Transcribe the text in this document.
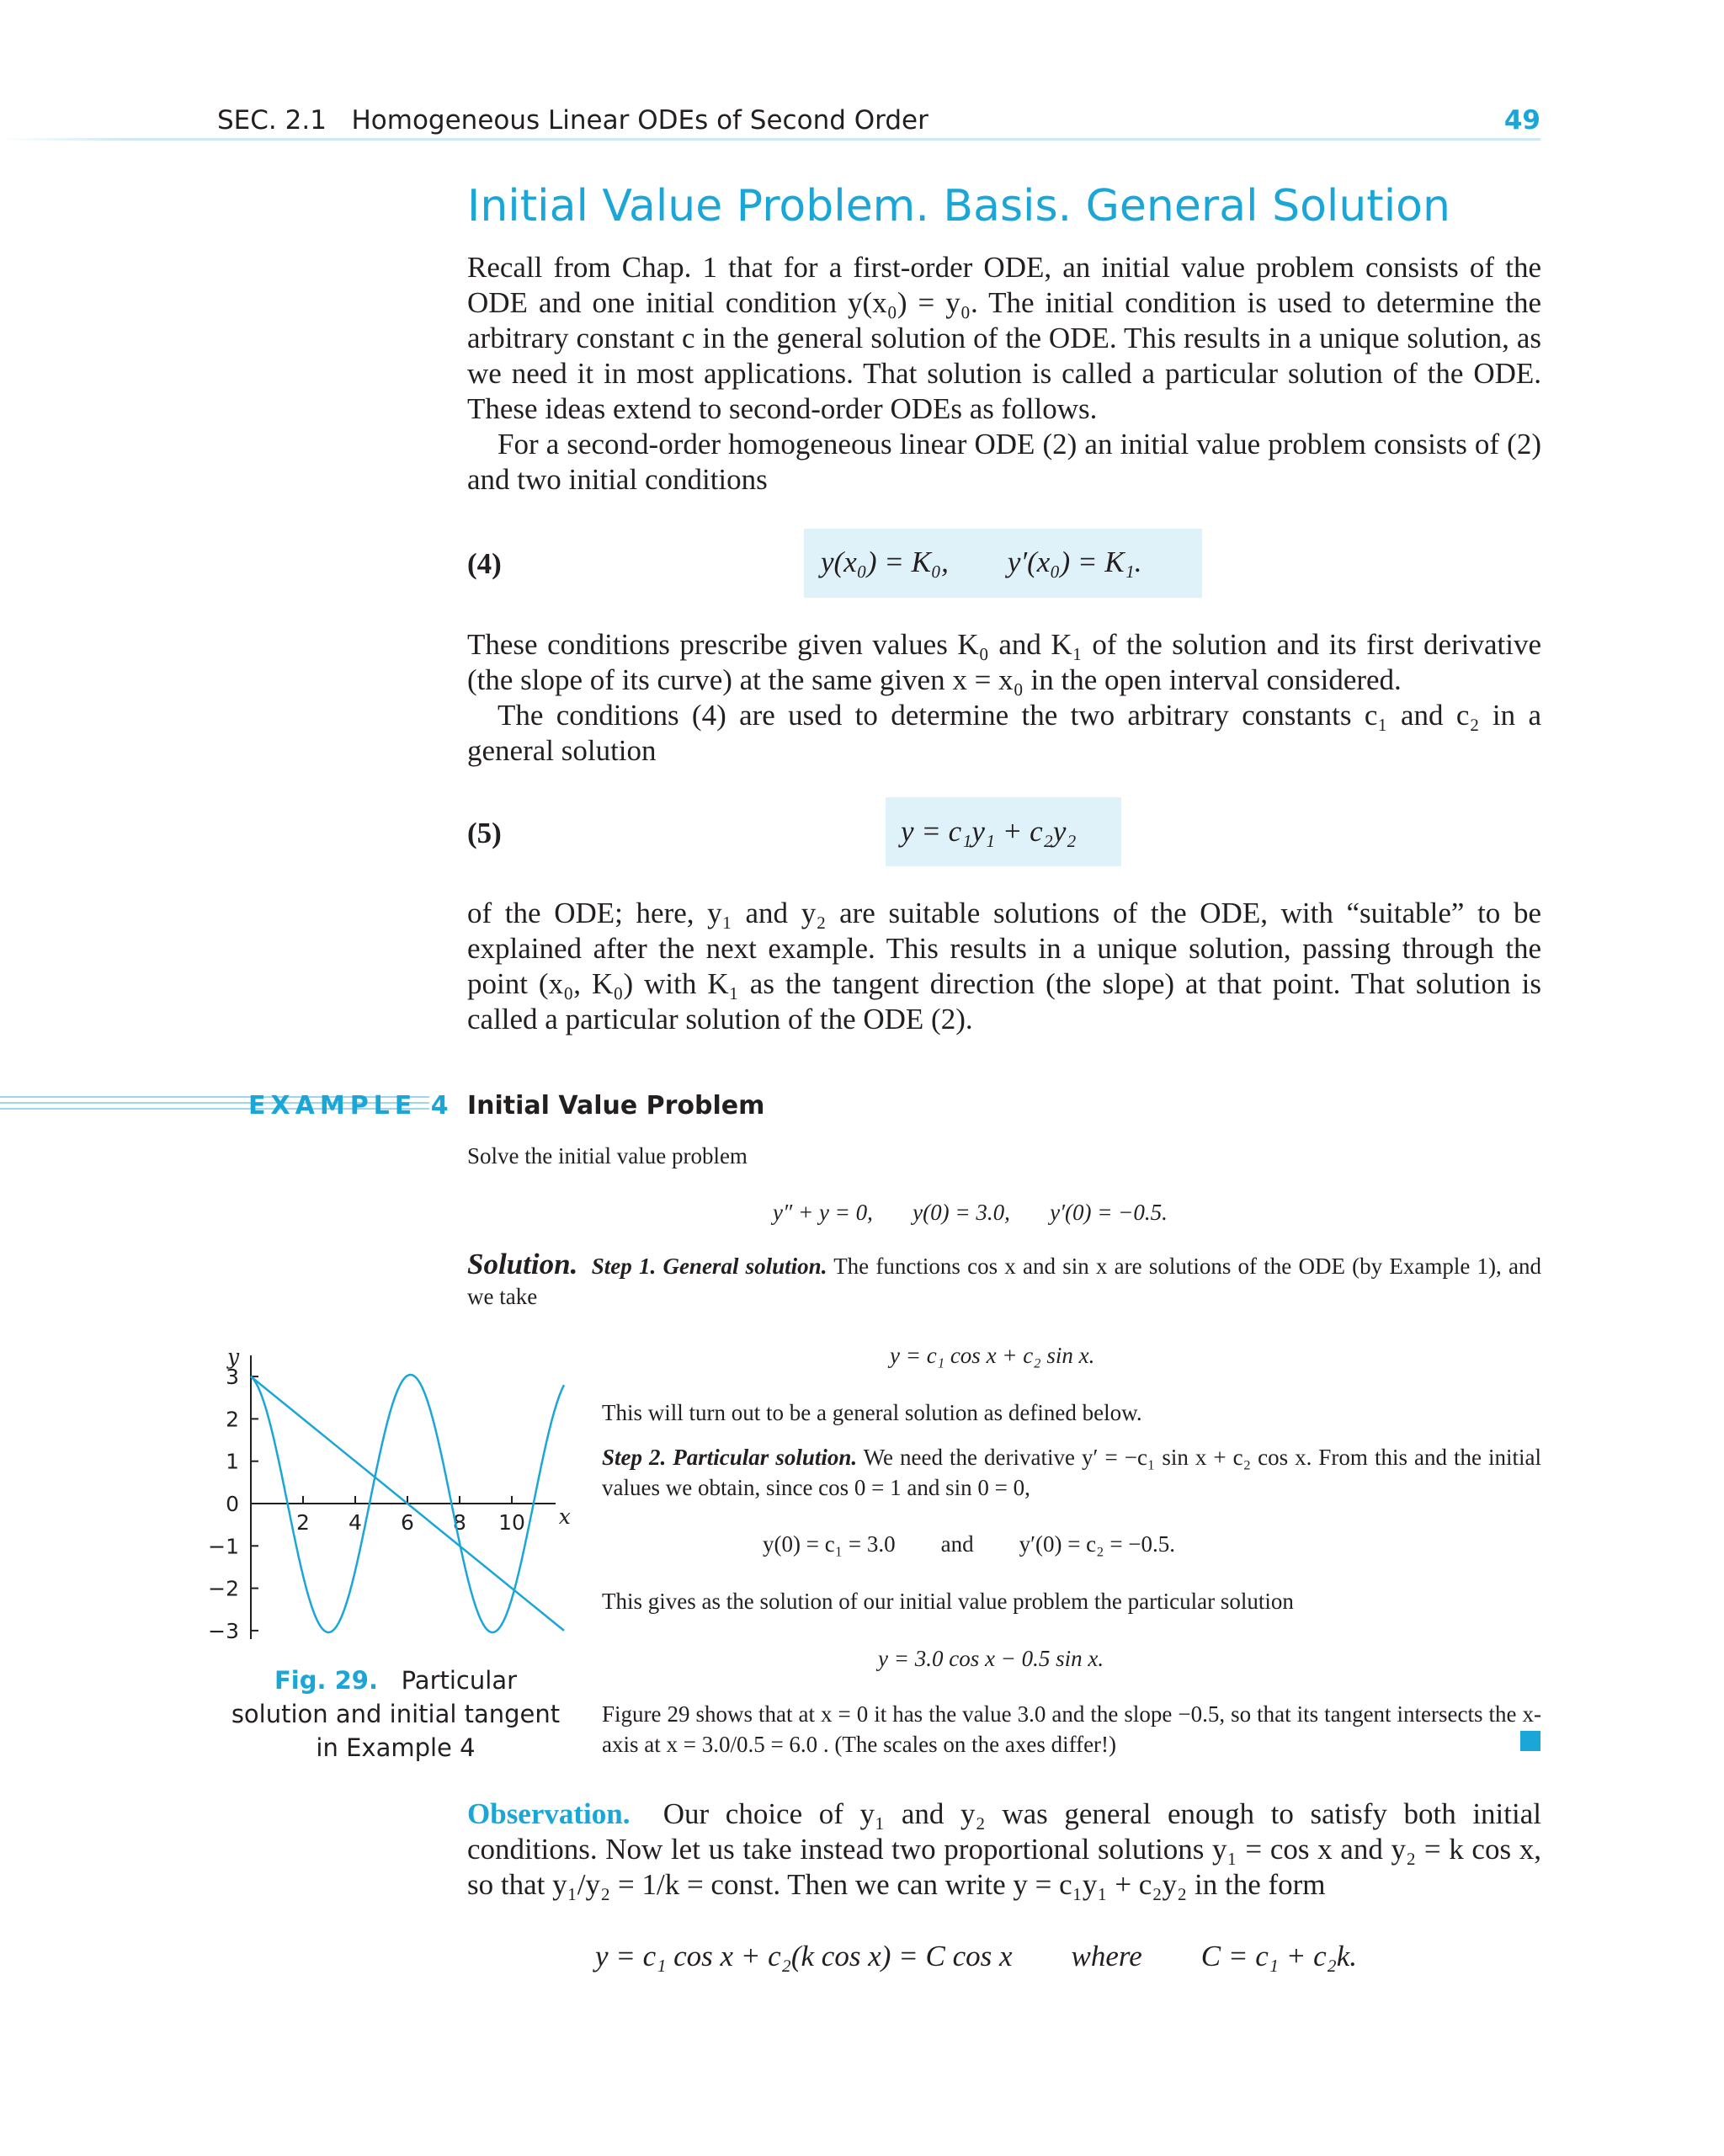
SEC. 2.1   Homogeneous Linear ODEs of Second Order	49
Initial Value Problem. Basis. General Solution

Recall from Chap. 1 that for a first-order ODE, an initial value problem consists of the ODE and one initial condition y(x₀) = y₀. The initial condition is used to determine the arbitrary constant c in the general solution of the ODE. This results in a unique solution, as we need it in most applications. That solution is called a particular solution of the ODE. These ideas extend to second-order ODEs as follows.

For a second-order homogeneous linear ODE (2) an initial value problem consists of (2) and two initial conditions

(4)	y(x₀) = K₀,        y′(x₀) = K₁.

These conditions prescribe given values K₀ and K₁ of the solution and its first derivative (the slope of its curve) at the same given x = x₀ in the open interval considered.

The conditions (4) are used to determine the two arbitrary constants c₁ and c₂ in a general solution

(5)	y = c₁y₁ + c₂y₂
of the ODE; here, y₁ and y₂ are suitable solutions of the ODE, with “suitable” to be explained after the next example. This results in a unique solution, passing through the point (x₀, K₀) with K₁ as the tangent direction (the slope) at that point. That solution is called a particular solution of the ODE (2).
EXAMPLE 4 Initial Value Problem
Solve the initial value problem
y″ + y = 0,       y(0) = 3.0,       y′(0) = −0.5.
Solution. Step 1. General solution. The functions cos x and sin x are solutions of the ODE (by Example 1), and we take
y = c₁ cos x + c₂ sin x.
This will turn out to be a general solution as defined below.
Step 2. Particular solution. We need the derivative y′ = −c₁ sin x + c₂ cos x. From this and the initial values we obtain, since cos 0 = 1 and sin 0 = 0,
y(0) = c₁ = 3.0        and        y′(0) = c₂ = −0.5.
This gives as the solution of our initial value problem the particular solution
y = 3.0 cos x − 0.5 sin x.
Figure 29 shows that at x = 0 it has the value 3.0 and the slope −0.5, so that its tangent intersects the x-axis at x = 3.0/0.5 = 6.0 . (The scales on the axes differ!)
2 4 6 8 10
3
2
1
0
−1
−2
−3
x
y
Fig. 29. Particular solution and initial tangent in Example 4
Observation. Our choice of y₁ and y₂ was general enough to satisfy both initial conditions. Now let us take instead two proportional solutions y₁ = cos x and y₂ = k cos x, so that y₁/y₂ = 1/k = const. Then we can write y = c₁y₁ + c₂y₂ in the form
y = c₁ cos x + c₂(k cos x) = C cos x        where        C = c₁ + c₂k.
